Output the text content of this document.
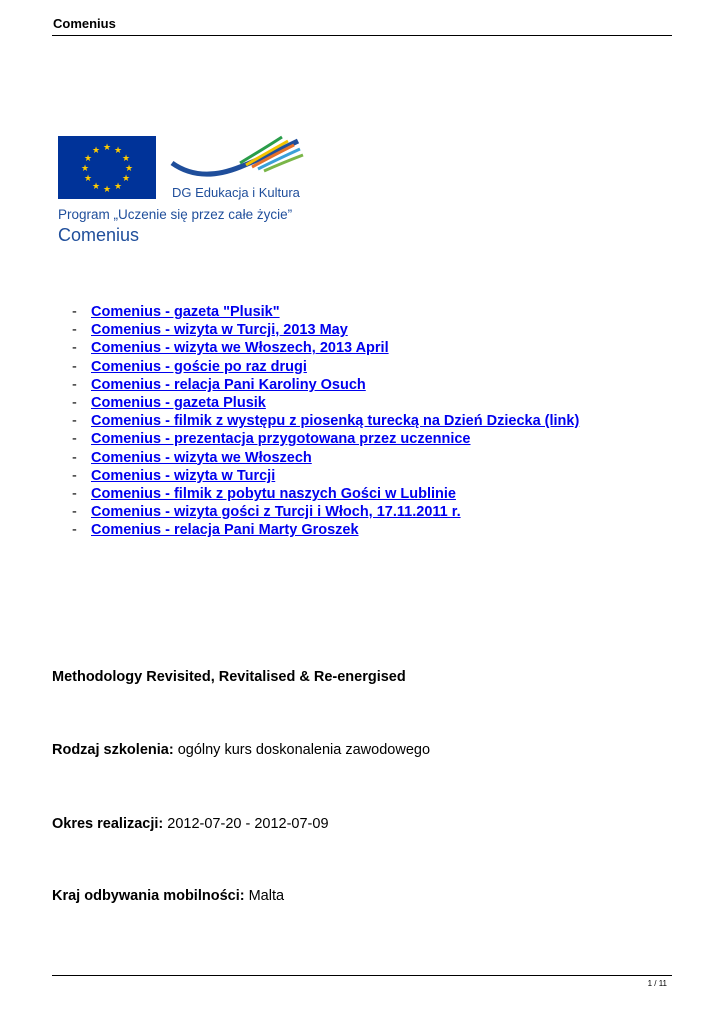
Comenius
★ ★
★
★
★
★
★
★
★
★
★
★
DG Edukacja i Kultura
Program „Uczenie się przez całe życie”
Comenius
- Comenius - gazeta "Plusik"
- Comenius - wizyta w Turcji, 2013 May
- Comenius - wizyta we Włoszech, 2013 April
- Comenius - goście po raz drugi
- Comenius - relacja Pani Karoliny Osuch
- Comenius - gazeta Plusik
- Comenius - filmik z występu z piosenką turecką na Dzień Dziecka (link)
- Comenius - prezentacja przygotowana przez uczennice
- Comenius - wizyta we Włoszech
- Comenius - wizyta w Turcji
- Comenius - filmik z pobytu naszych Gości w Lublinie
- Comenius - wizyta gości z Turcji i Włoch, 17.11.2011 r.
- Comenius - relacja Pani Marty Groszek
Methodology Revisited, Revitalised & Re-energised
Rodzaj szkolenia: ogólny kurs doskonalenia zawodowego
Okres realizacji: 2012-07-20 - 2012-07-09
Kraj odbywania mobilności: Malta
1 / 11
